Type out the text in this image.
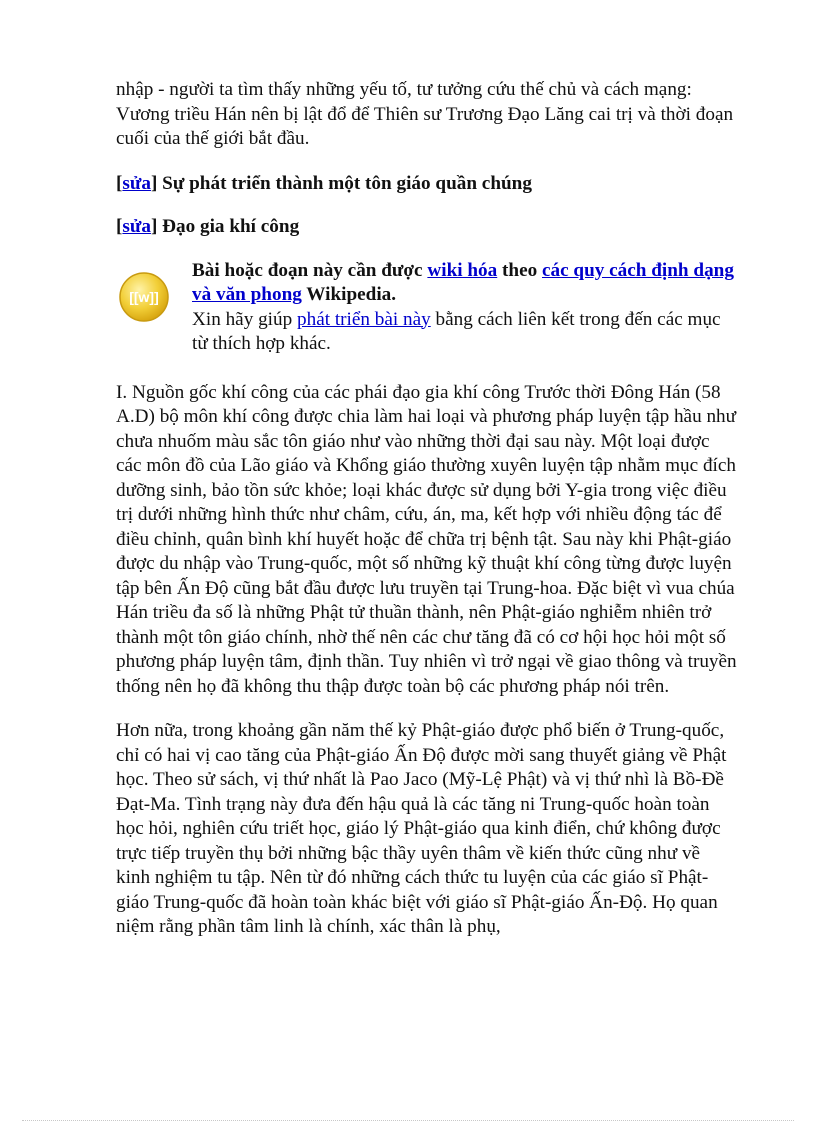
nhập - người ta tìm thấy những yếu tố, tư tưởng cứu thế chủ và cách mạng: Vương triều Hán nên bị lật đổ để Thiên sư Trương Đạo Lăng cai trị và thời đoạn cuối của thế giới bắt đầu.

[sửa] Sự phát triển thành một tôn giáo quần chúng

[sửa] Đạo gia khí công

[[w]]

Bài hoặc đoạn này cần được wiki hóa theo các quy cách định dạng và văn phong Wikipedia.

Xin hãy giúp phát triển bài này bằng cách liên kết trong đến các mục từ thích hợp khác.

I. Nguồn gốc khí công của các phái đạo gia khí công Trước thời Đông Hán (58 A.D) bộ môn khí công được chia làm hai loại và phương pháp luyện tập hầu như chưa nhuốm màu sắc tôn giáo như vào những thời đại sau này. Một loại được các môn đồ của Lão giáo và Khổng giáo thường xuyên luyện tập nhằm mục đích dưỡng sinh, bảo tồn sức khỏe; loại khác được sử dụng bởi Y-gia trong việc điều trị dưới những hình thức như châm, cứu, án, ma, kết hợp với nhiều động tác để điều chỉnh, quân bình khí huyết hoặc để chữa trị bệnh tật. Sau này khi Phật-giáo được du nhập vào Trung-quốc, một số những kỹ thuật khí công từng được luyện tập bên Ấn Độ cũng bắt đầu được lưu truyền tại Trung-hoa. Đặc biệt vì vua chúa Hán triều đa số là những Phật tử thuần thành, nên Phật-giáo nghiễm nhiên trở thành một tôn giáo chính, nhờ thế nên các chư tăng đã có cơ hội học hỏi một số phương pháp luyện tâm, định thần. Tuy nhiên vì trở ngại về giao thông và truyền thống nên họ đã không thu thập được toàn bộ các phương pháp nói trên.

Hơn nữa, trong khoảng gần năm thế kỷ Phật-giáo được phổ biến ở Trung-quốc, chỉ có hai vị cao tăng của Phật-giáo Ấn Độ được mời sang thuyết giảng về Phật học. Theo sử sách, vị thứ nhất là Pao Jaco (Mỹ-Lệ Phật) và vị thứ nhì là Bồ-Đề Đạt-Ma. Tình trạng này đưa đến hậu quả là các tăng ni Trung-quốc hoàn toàn học hỏi, nghiên cứu triết học, giáo lý Phật-giáo qua kinh điển, chứ không được trực tiếp truyền thụ bởi những bậc thầy uyên thâm về kiến thức cũng như về kinh nghiệm tu tập. Nên từ đó những cách thức tu luyện của các giáo sĩ Phật-giáo Trung-quốc đã hoàn toàn khác biệt với giáo sĩ Phật-giáo Ấn-Độ. Họ quan niệm rằng phần tâm linh là chính, xác thân là phụ,
